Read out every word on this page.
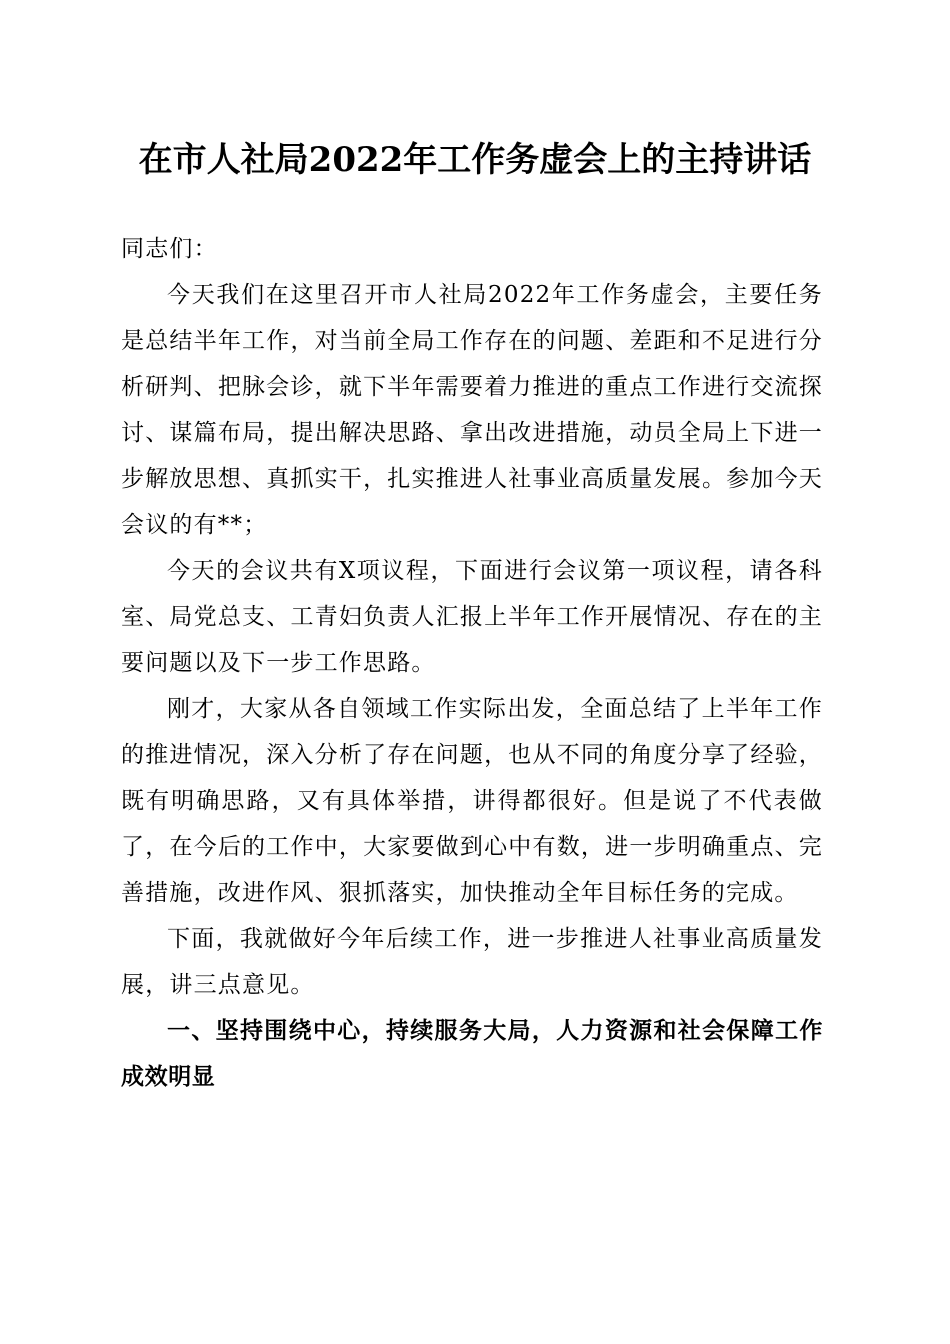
在市人社局2022年工作务虚会上的主持讲话

同志们：

今天我们在这里召开市人社局2022年工作务虚会，主要任务是总结半年工作，对当前全局工作存在的问题、差距和不足进行分析研判、把脉会诊，就下半年需要着力推进的重点工作进行交流探讨、谋篇布局，提出解决思路、拿出改进措施，动员全局上下进一步解放思想、真抓实干，扎实推进人社事业高质量发展。参加今天会议的有**；

今天的会议共有X项议程，下面进行会议第一项议程，请各科室、局党总支、工青妇负责人汇报上半年工作开展情况、存在的主要问题以及下一步工作思路。

刚才，大家从各自领域工作实际出发，全面总结了上半年工作的推进情况，深入分析了存在问题，也从不同的角度分享了经验，既有明确思路，又有具体举措，讲得都很好。但是说了不代表做了，在今后的工作中，大家要做到心中有数，进一步明确重点、完善措施，改进作风、狠抓落实，加快推动全年目标任务的完成。

下面，我就做好今年后续工作，进一步推进人社事业高质量发展，讲三点意见。

一、坚持围绕中心，持续服务大局，人力资源和社会保障工作成效明显
